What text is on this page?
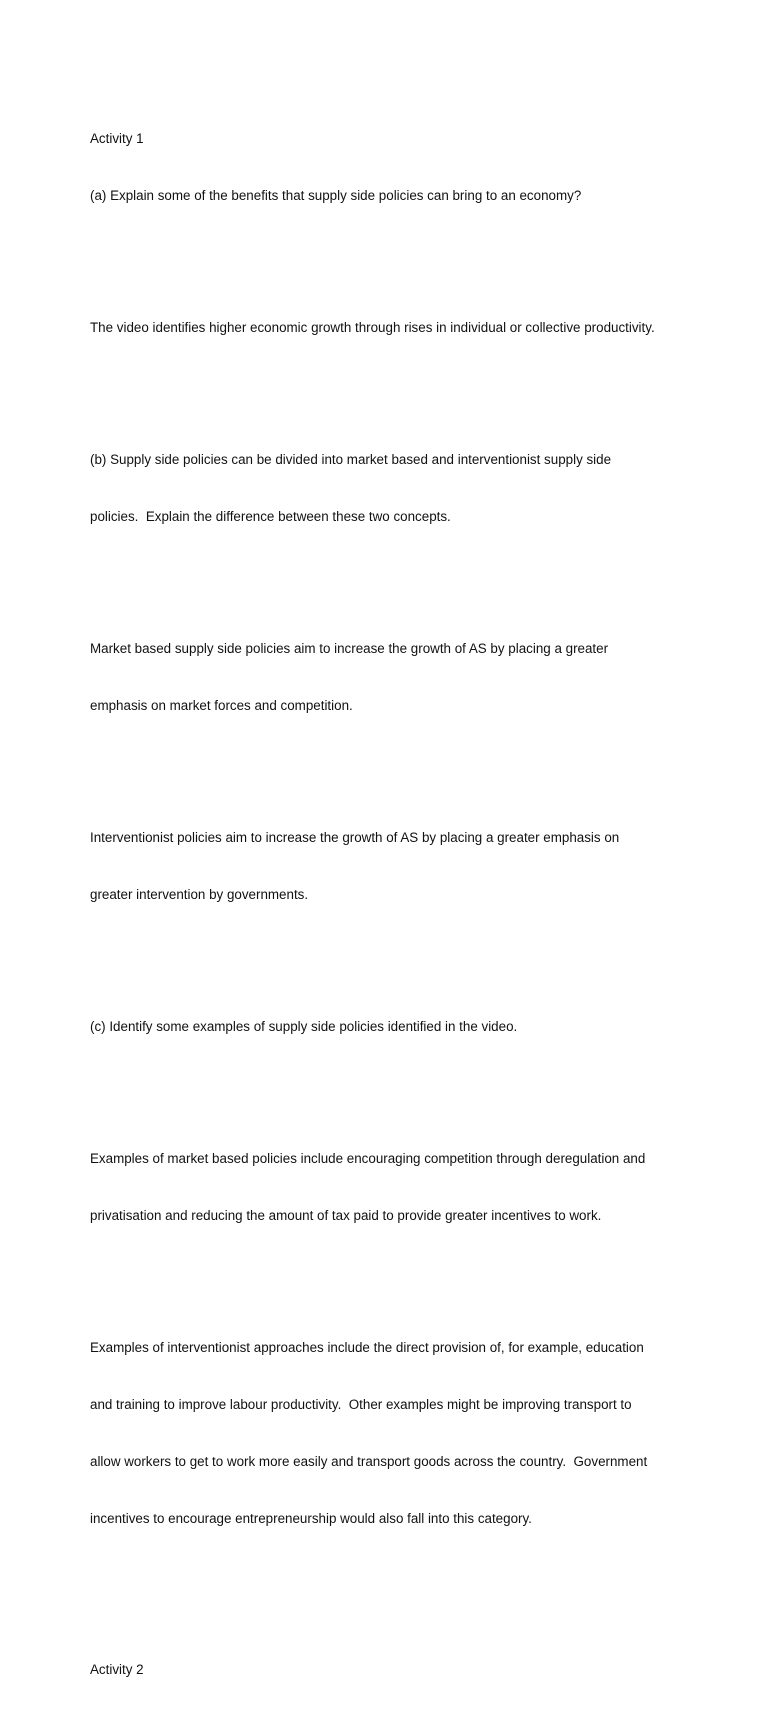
Activity 1

(a) Explain some of the benefits that supply side policies can bring to an economy?

The video identifies higher economic growth through rises in individual or collective productivity.

(b) Supply side policies can be divided into market based and interventionist supply side

policies.  Explain the difference between these two concepts.

Market based supply side policies aim to increase the growth of AS by placing a greater

emphasis on market forces and competition.

Interventionist policies aim to increase the growth of AS by placing a greater emphasis on

greater intervention by governments.

(c) Identify some examples of supply side policies identified in the video.

Examples of market based policies include encouraging competition through deregulation and

privatisation and reducing the amount of tax paid to provide greater incentives to work.

Examples of interventionist approaches include the direct provision of, for example, education

and training to improve labour productivity.  Other examples might be improving transport to

allow workers to get to work more easily and transport goods across the country.  Government

incentives to encourage entrepreneurship would also fall into this category.

Activity 2
